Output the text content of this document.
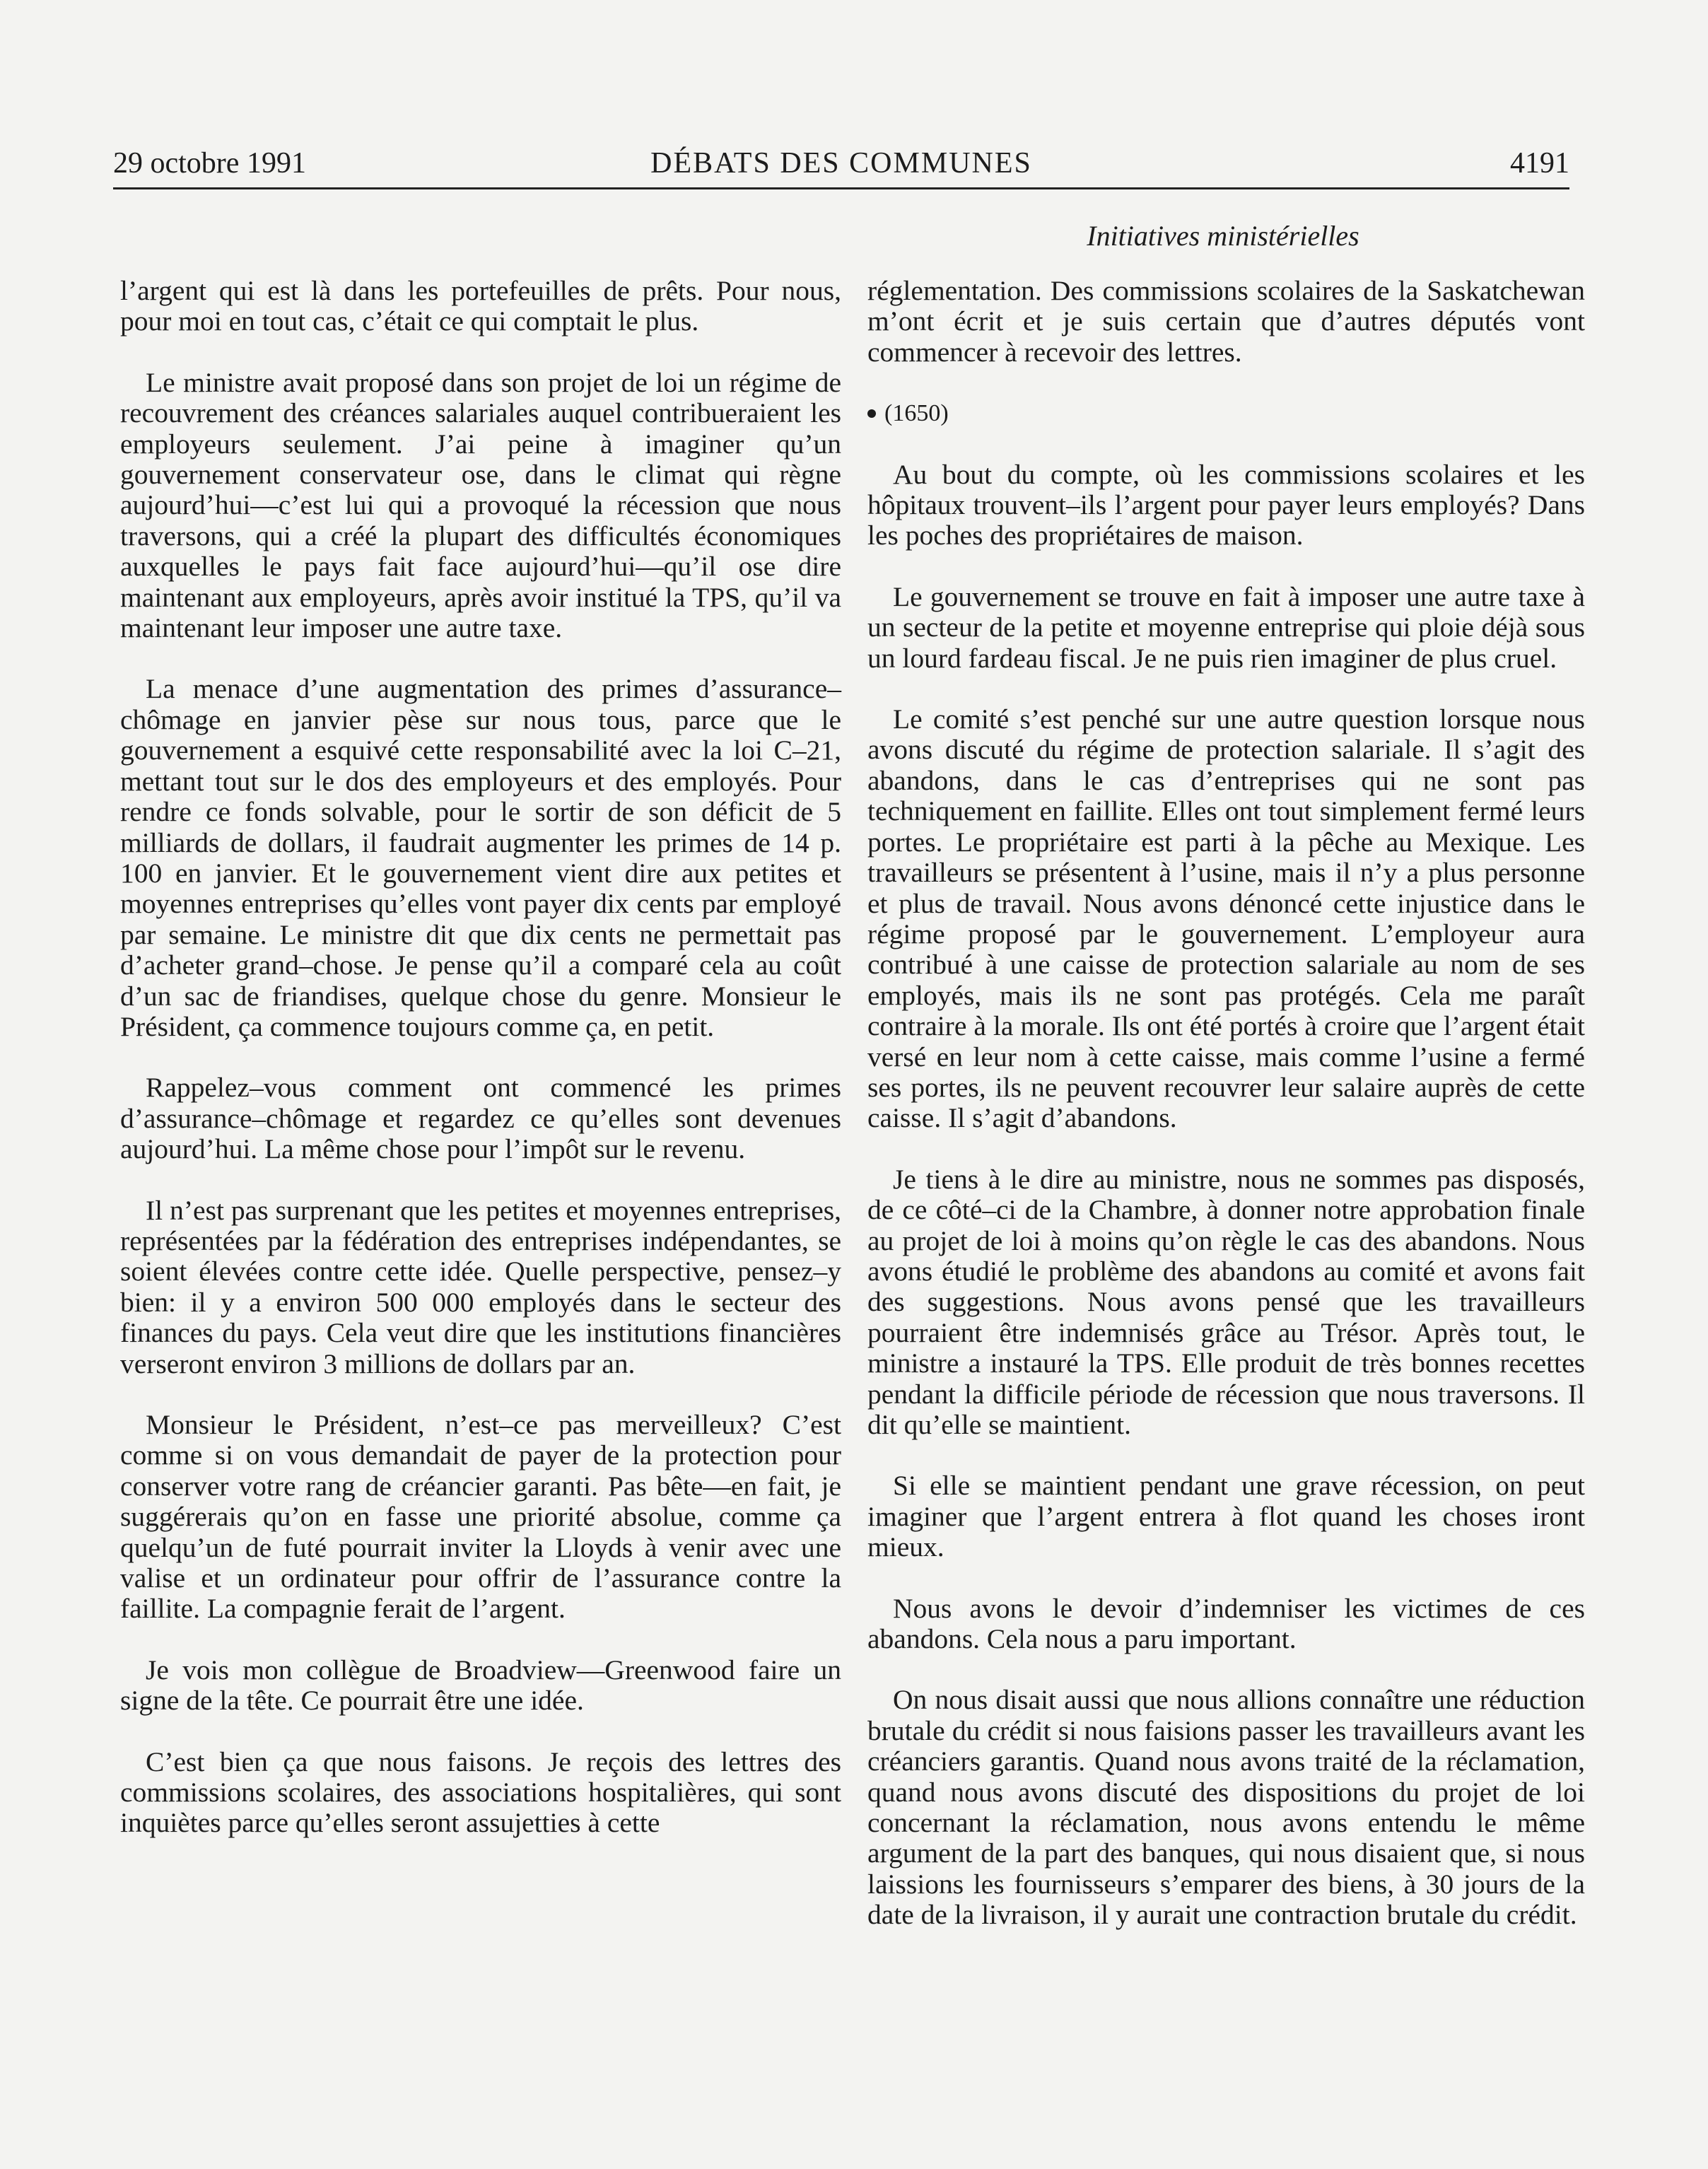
29 octobre 1991	DÉBATS DES COMMUNES	4191
Initiatives ministérielles

l’argent qui est là dans les portefeuilles de prêts. Pour nous, pour moi en tout cas, c’était ce qui comptait le plus.

Le ministre avait proposé dans son projet de loi un régime de recouvrement des créances salariales auquel contribueraient les employeurs seulement. J’ai peine à imaginer qu’un gouvernement conservateur ose, dans le climat qui règne aujourd’hui—c’est lui qui a provoqué la récession que nous traversons, qui a créé la plupart des difficultés économiques auxquelles le pays fait face aujourd’hui—qu’il ose dire maintenant aux employeurs, après avoir institué la TPS, qu’il va maintenant leur imposer une autre taxe.

La menace d’une augmentation des primes d’assurance–chômage en janvier pèse sur nous tous, parce que le gouvernement a esquivé cette responsabilité avec la loi C–21, mettant tout sur le dos des employeurs et des employés. Pour rendre ce fonds solvable, pour le sortir de son déficit de 5 milliards de dollars, il faudrait augmenter les primes de 14 p. 100 en janvier. Et le gouvernement vient dire aux petites et moyennes entreprises qu’elles vont payer dix cents par employé par semaine. Le ministre dit que dix cents ne permettait pas d’acheter grand–chose. Je pense qu’il a comparé cela au coût d’un sac de friandises, quelque chose du genre. Monsieur le Président, ça commence toujours comme ça, en petit.

Rappelez–vous comment ont commencé les primes d’assurance–chômage et regardez ce qu’elles sont devenues aujourd’hui. La même chose pour l’impôt sur le revenu.

Il n’est pas surprenant que les petites et moyennes entreprises, représentées par la fédération des entreprises indépendantes, se soient élevées contre cette idée. Quelle perspective, pensez–y bien: il y a environ 500 000 employés dans le secteur des finances du pays. Cela veut dire que les institutions financières verseront environ 3 millions de dollars par an.

Monsieur le Président, n’est–ce pas merveilleux? C’est comme si on vous demandait de payer de la protection pour conserver votre rang de créancier garanti. Pas bête—en fait, je suggérerais qu’on en fasse une priorité absolue, comme ça quelqu’un de futé pourrait inviter la Lloyds à venir avec une valise et un ordinateur pour offrir de l’assurance contre la faillite. La compagnie ferait de l’argent.

Je vois mon collègue de Broadview—Greenwood faire un signe de la tête. Ce pourrait être une idée.

C’est bien ça que nous faisons. Je reçois des lettres des commissions scolaires, des associations hospitalières, qui sont inquiètes parce qu’elles seront assujetties à cette

réglementation. Des commissions scolaires de la Saskatchewan m’ont écrit et je suis certain que d’autres députés vont commencer à recevoir des lettres.

(1650)

Au bout du compte, où les commissions scolaires et les hôpitaux trouvent–ils l’argent pour payer leurs employés? Dans les poches des propriétaires de maison.

Le gouvernement se trouve en fait à imposer une autre taxe à un secteur de la petite et moyenne entreprise qui ploie déjà sous un lourd fardeau fiscal. Je ne puis rien imaginer de plus cruel.

Le comité s’est penché sur une autre question lorsque nous avons discuté du régime de protection salariale. Il s’agit des abandons, dans le cas d’entreprises qui ne sont pas techniquement en faillite. Elles ont tout simplement fermé leurs portes. Le propriétaire est parti à la pêche au Mexique. Les travailleurs se présentent à l’usine, mais il n’y a plus personne et plus de travail. Nous avons dénoncé cette injustice dans le régime proposé par le gouvernement. L’employeur aura contribué à une caisse de protection salariale au nom de ses employés, mais ils ne sont pas protégés. Cela me paraît contraire à la morale. Ils ont été portés à croire que l’argent était versé en leur nom à cette caisse, mais comme l’usine a fermé ses portes, ils ne peuvent recouvrer leur salaire auprès de cette caisse. Il s’agit d’abandons.

Je tiens à le dire au ministre, nous ne sommes pas disposés, de ce côté–ci de la Chambre, à donner notre approbation finale au projet de loi à moins qu’on règle le cas des abandons. Nous avons étudié le problème des abandons au comité et avons fait des suggestions. Nous avons pensé que les travailleurs pourraient être indemnisés grâce au Trésor. Après tout, le ministre a instauré la TPS. Elle produit de très bonnes recettes pendant la difficile période de récession que nous traversons. Il dit qu’elle se maintient.

Si elle se maintient pendant une grave récession, on peut imaginer que l’argent entrera à flot quand les choses iront mieux.

Nous avons le devoir d’indemniser les victimes de ces abandons. Cela nous a paru important.

On nous disait aussi que nous allions connaître une réduction brutale du crédit si nous faisions passer les travailleurs avant les créanciers garantis. Quand nous avons traité de la réclamation, quand nous avons discuté des dispositions du projet de loi concernant la réclamation, nous avons entendu le même argument de la part des banques, qui nous disaient que, si nous laissions les fournisseurs s’emparer des biens, à 30 jours de la date de la livraison, il y aurait une contraction brutale du crédit.
